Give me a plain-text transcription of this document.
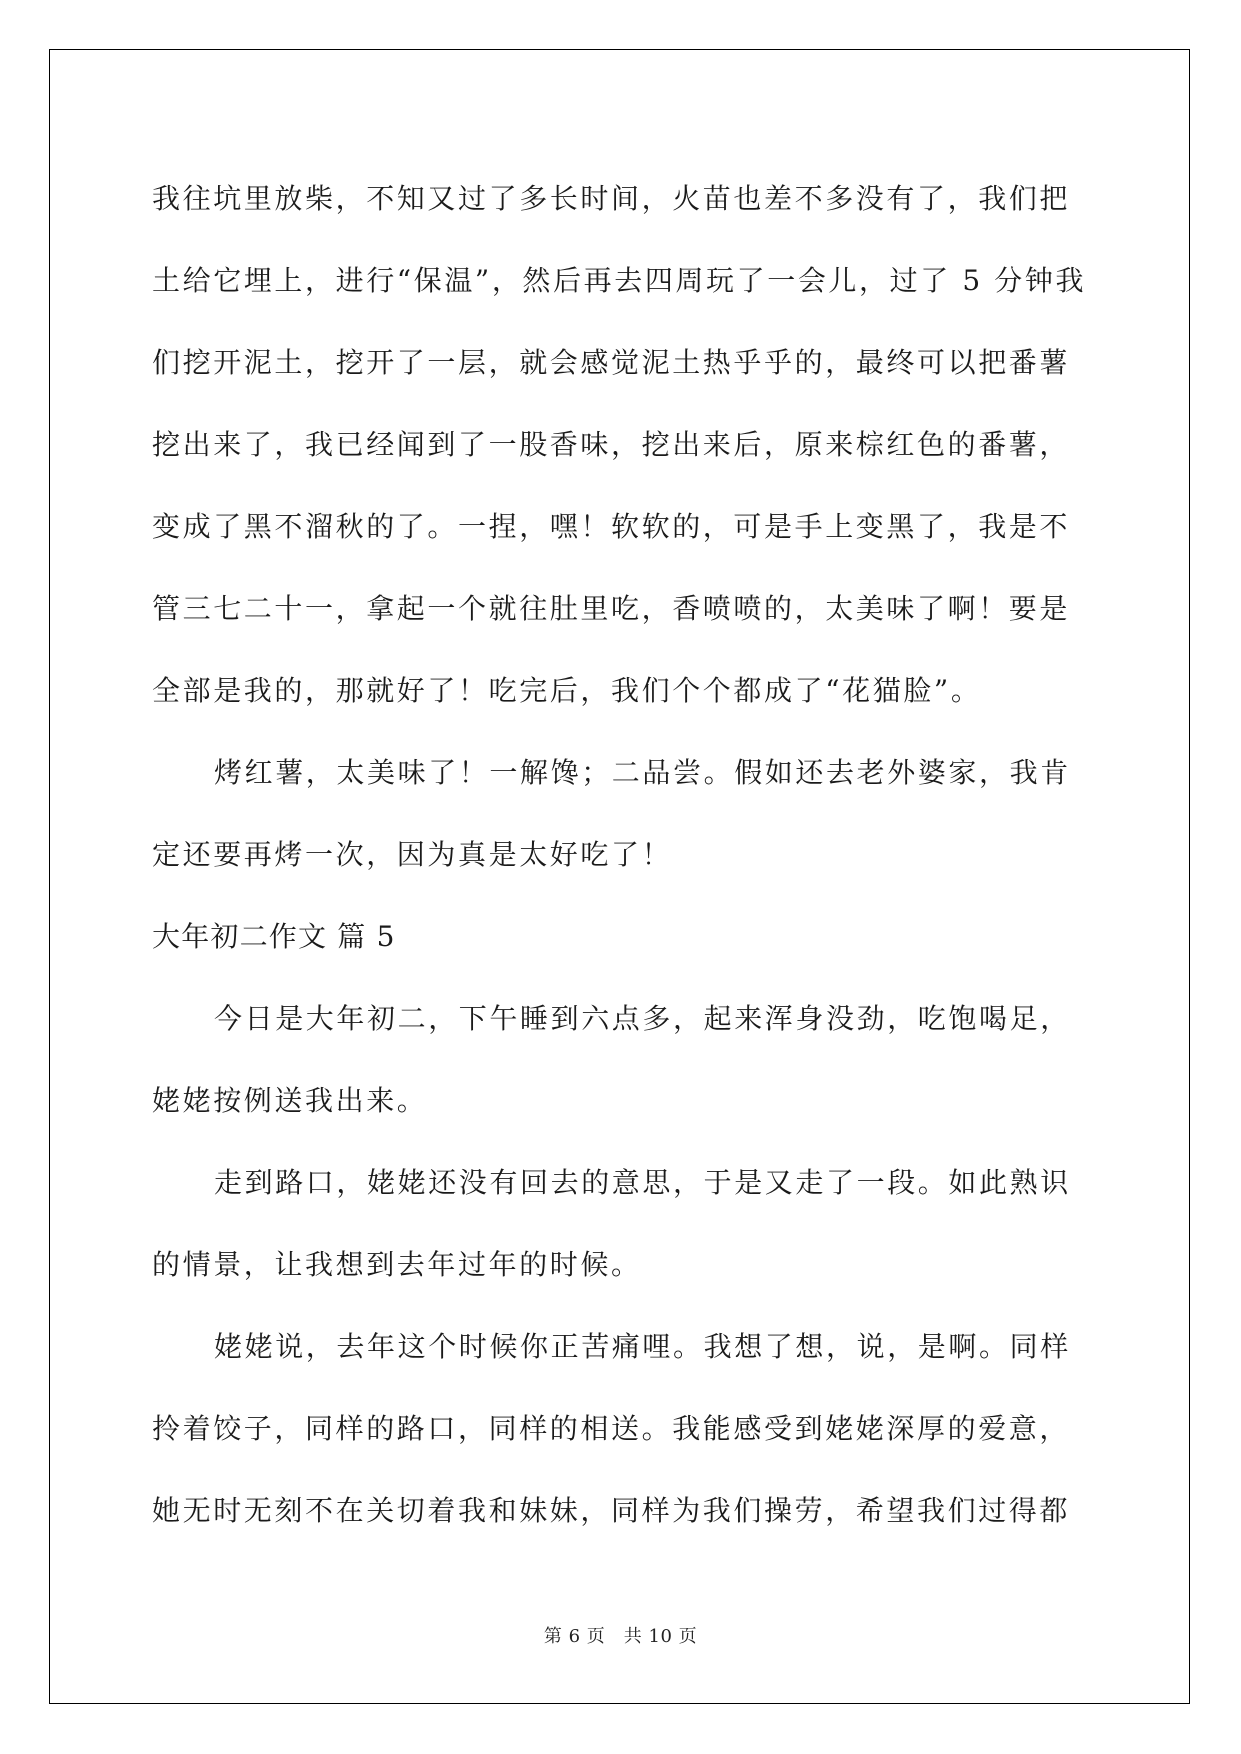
我往坑里放柴，不知又过了多长时间，火苗也差不多没有了，我们把
土给它埋上，进行“保温”，然后再去四周玩了一会儿，过了 5 分钟我
们挖开泥土，挖开了一层，就会感觉泥土热乎乎的，最终可以把番薯
挖出来了，我已经闻到了一股香味，挖出来后，原来棕红色的番薯，
变成了黑不溜秋的了。一捏，嘿！软软的，可是手上变黑了，我是不
管三七二十一，拿起一个就往肚里吃，香喷喷的，太美味了啊！要是
全部是我的，那就好了！吃完后，我们个个都成了“花猫脸”。
烤红薯，太美味了！一解馋；二品尝。假如还去老外婆家，我肯
定还要再烤一次，因为真是太好吃了！
大年初二作文 篇 5
今日是大年初二，下午睡到六点多，起来浑身没劲，吃饱喝足，
姥姥按例送我出来。
走到路口，姥姥还没有回去的意思，于是又走了一段。如此熟识
的情景，让我想到去年过年的时候。
姥姥说，去年这个时候你正苦痛哩。我想了想，说，是啊。同样
拎着饺子，同样的路口，同样的相送。我能感受到姥姥深厚的爱意，
她无时无刻不在关切着我和妹妹，同样为我们操劳，希望我们过得都
第 6 页　共 10 页
